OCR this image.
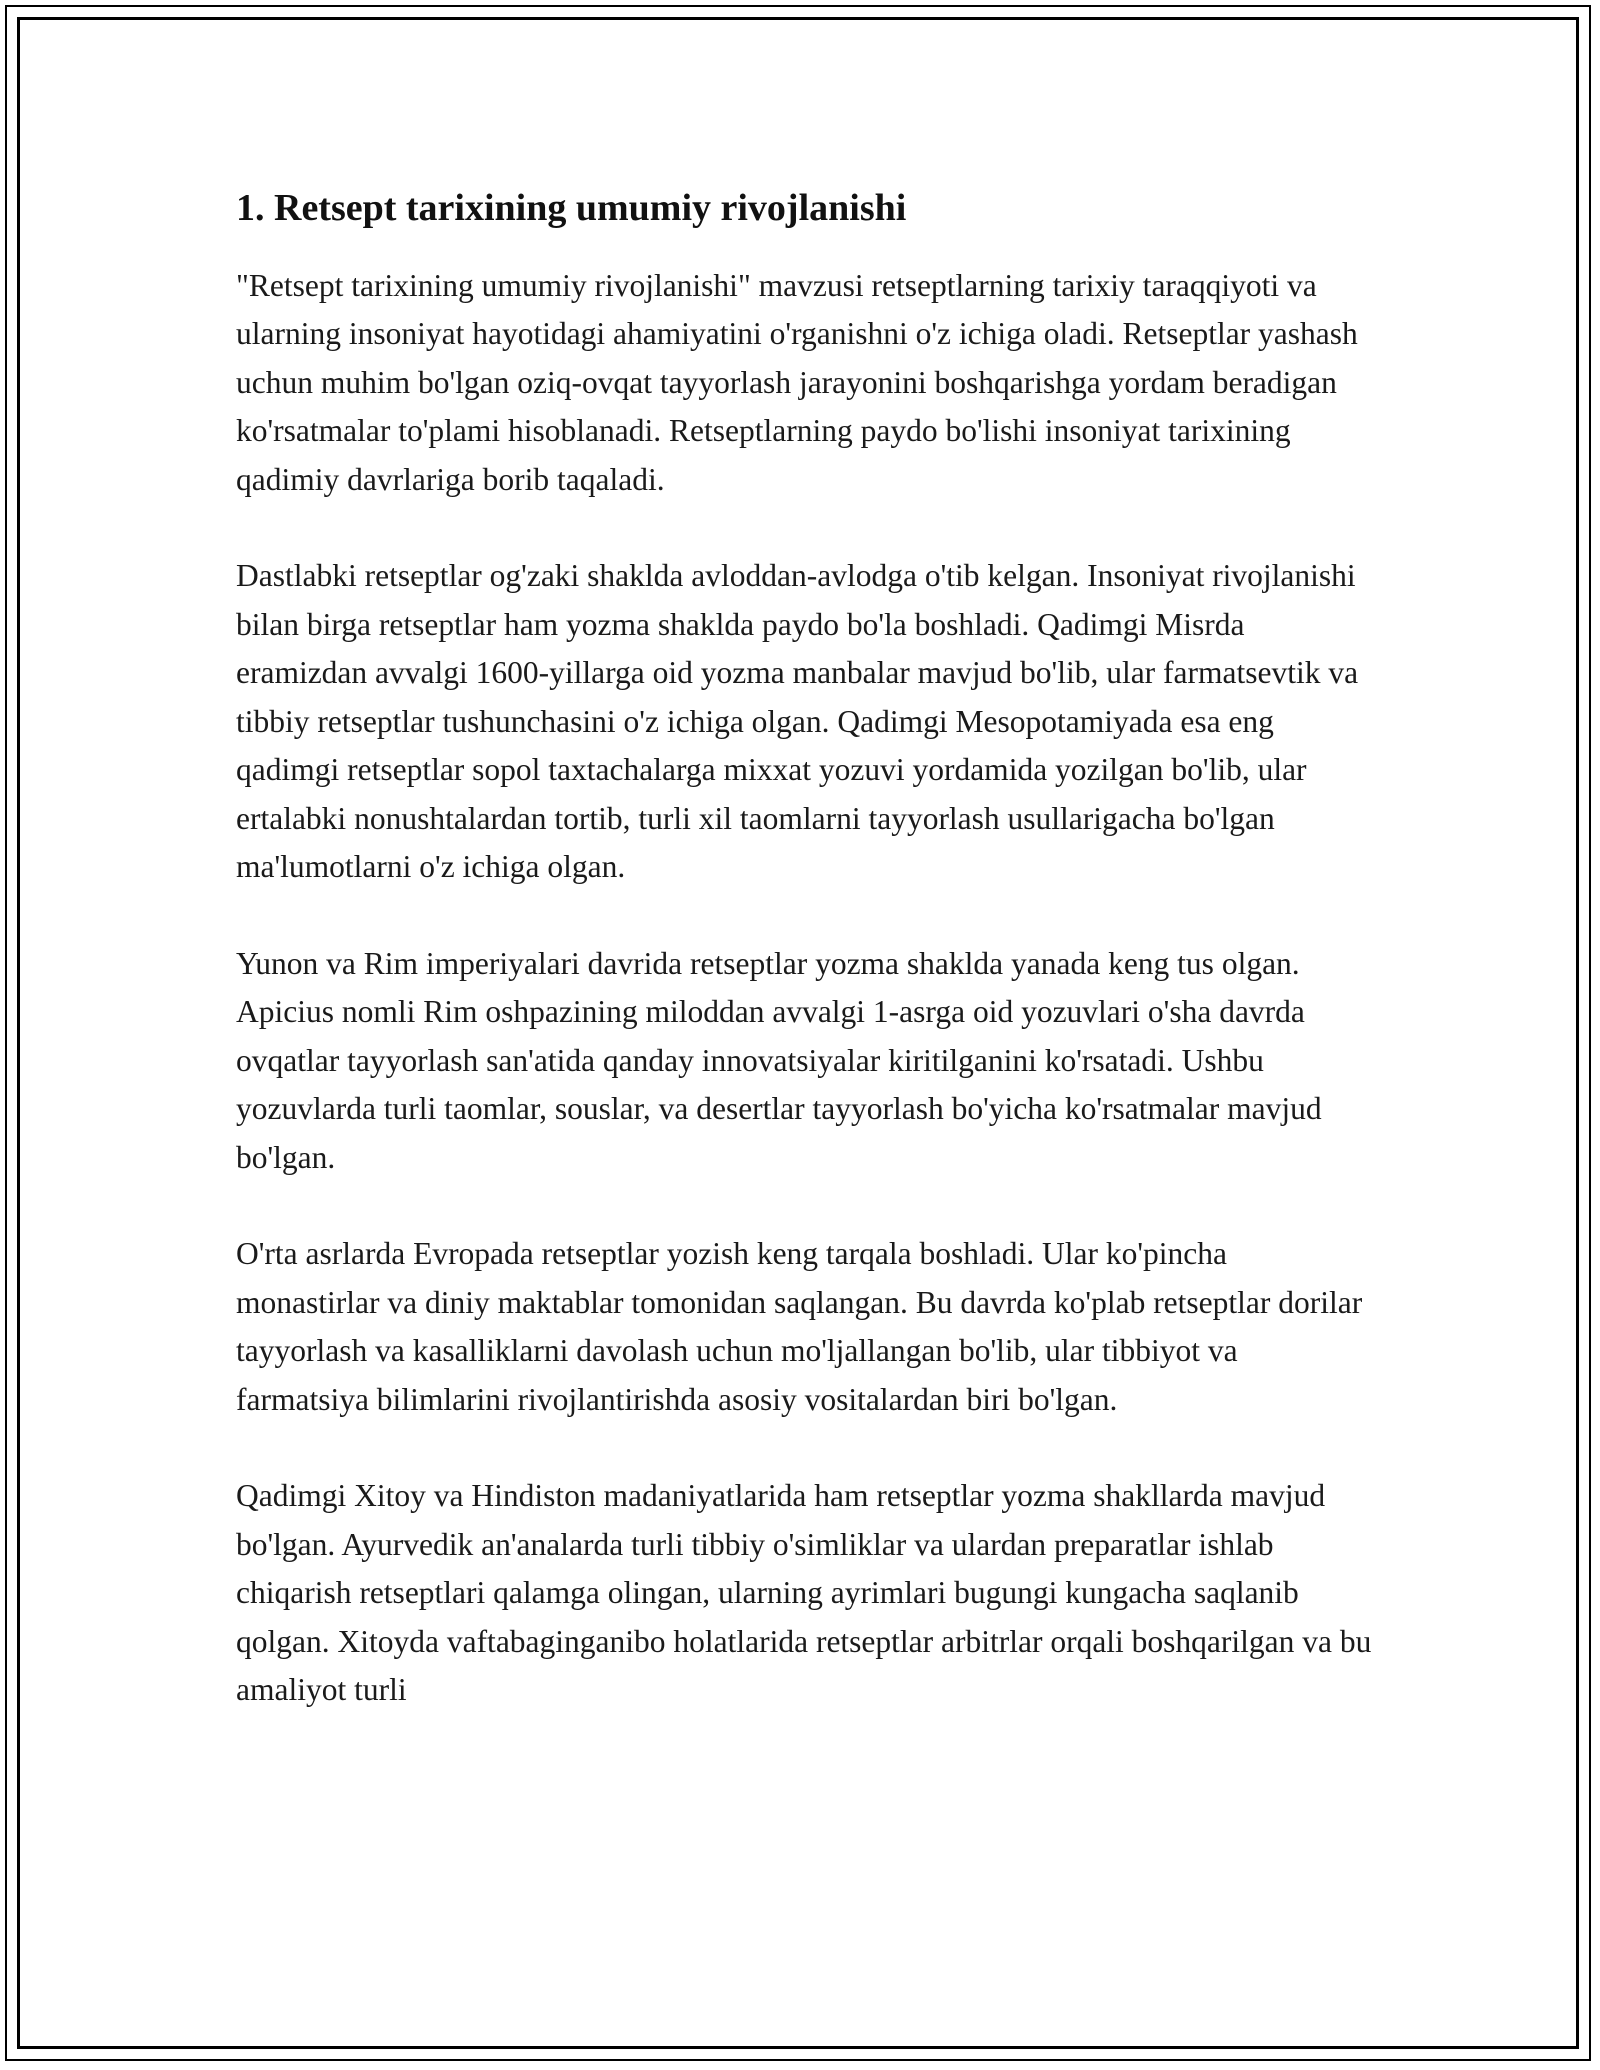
1. Retsept tarixining umumiy rivojlanishi

"Retsept tarixining umumiy rivojlanishi" mavzusi retseptlarning tarixiy taraqqiyoti va ularning insoniyat hayotidagi ahamiyatini o'rganishni o'z ichiga oladi. Retseptlar yashash uchun muhim bo'lgan oziq-ovqat tayyorlash jarayonini boshqarishga yordam beradigan ko'rsatmalar to'plami hisoblanadi. Retseptlarning paydo bo'lishi insoniyat tarixining qadimiy davrlariga borib taqaladi.

Dastlabki retseptlar og'zaki shaklda avloddan-avlodga o'tib kelgan. Insoniyat rivojlanishi bilan birga retseptlar ham yozma shaklda paydo bo'la boshladi. Qadimgi Misrda eramizdan avvalgi 1600-yillarga oid yozma manbalar mavjud bo'lib, ular farmatsevtik va tibbiy retseptlar tushunchasini o'z ichiga olgan. Qadimgi Mesopotamiyada esa eng qadimgi retseptlar sopol taxtachalarga mixxat yozuvi yordamida yozilgan bo'lib, ular ertalabki nonushtalardan tortib, turli xil taomlarni tayyorlash usullarigacha bo'lgan ma'lumotlarni o'z ichiga olgan.

Yunon va Rim imperiyalari davrida retseptlar yozma shaklda yanada keng tus olgan. Apicius nomli Rim oshpazining miloddan avvalgi 1-asrga oid yozuvlari o'sha davrda ovqatlar tayyorlash san'atida qanday innovatsiyalar kiritilganini ko'rsatadi. Ushbu yozuvlarda turli taomlar, souslar, va desertlar tayyorlash bo'yicha ko'rsatmalar mavjud bo'lgan.

O'rta asrlarda Evropada retseptlar yozish keng tarqala boshladi. Ular ko'pincha monastirlar va diniy maktablar tomonidan saqlangan. Bu davrda ko'plab retseptlar dorilar tayyorlash va kasalliklarni davolash uchun mo'ljallangan bo'lib, ular tibbiyot va farmatsiya bilimlarini rivojlantirishda asosiy vositalardan biri bo'lgan.

Qadimgi Xitoy va Hindiston madaniyatlarida ham retseptlar yozma shakllarda mavjud bo'lgan. Ayurvedik an'analarda turli tibbiy o'simliklar va ulardan preparatlar ishlab chiqarish retseptlari qalamga olingan, ularning ayrimlari bugungi kungacha saqlanib qolgan. Xitoyda vaftabaginganibo holatlarida retseptlar arbitrlar orqali boshqarilgan va bu amaliyot turli
